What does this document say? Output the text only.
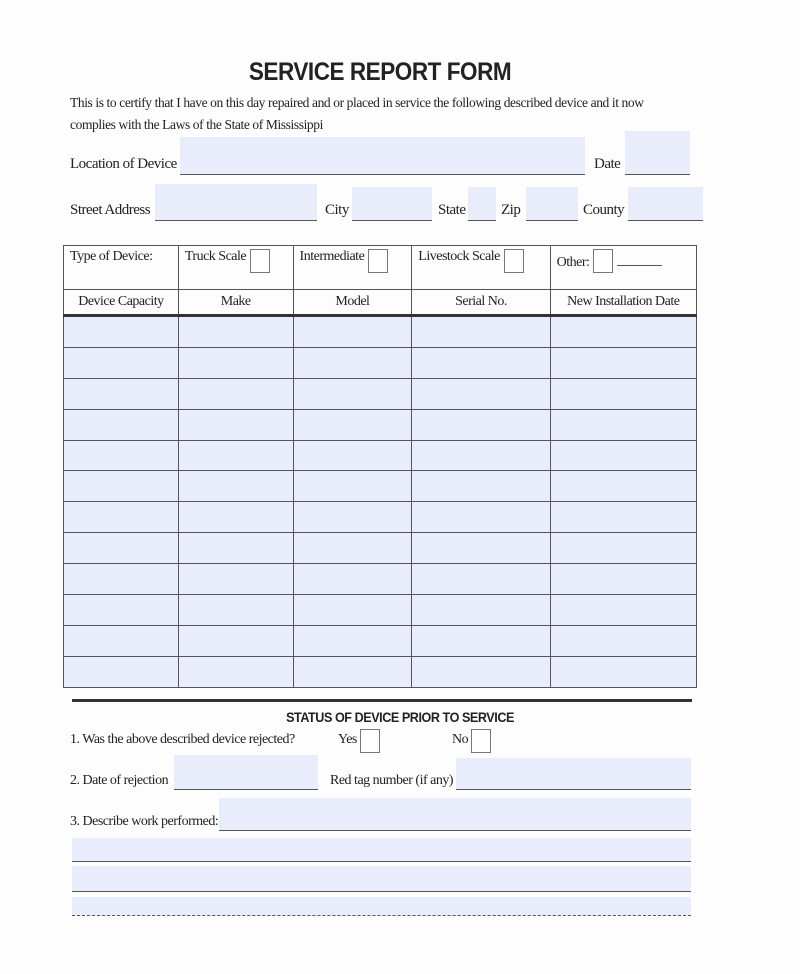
SERVICE REPORT FORM
This is to certify that I have on this day repaired and or placed in service the following described device and it now
complies with the Laws of the State of Mississippi
Location of Device	Date
Street Address	City	State Zip	County
Type of Device:	Truck Scale	Intermediate	Livestock Scale	Other:
Device Capacity	Make	Model	Serial No.	New Installation Date

STATUS OF DEVICE PRIOR TO SERVICE
1. Was the above described device rejected?	Yes	No
2. Date of rejection	Red tag number (if any)
3. Describe work performed:
